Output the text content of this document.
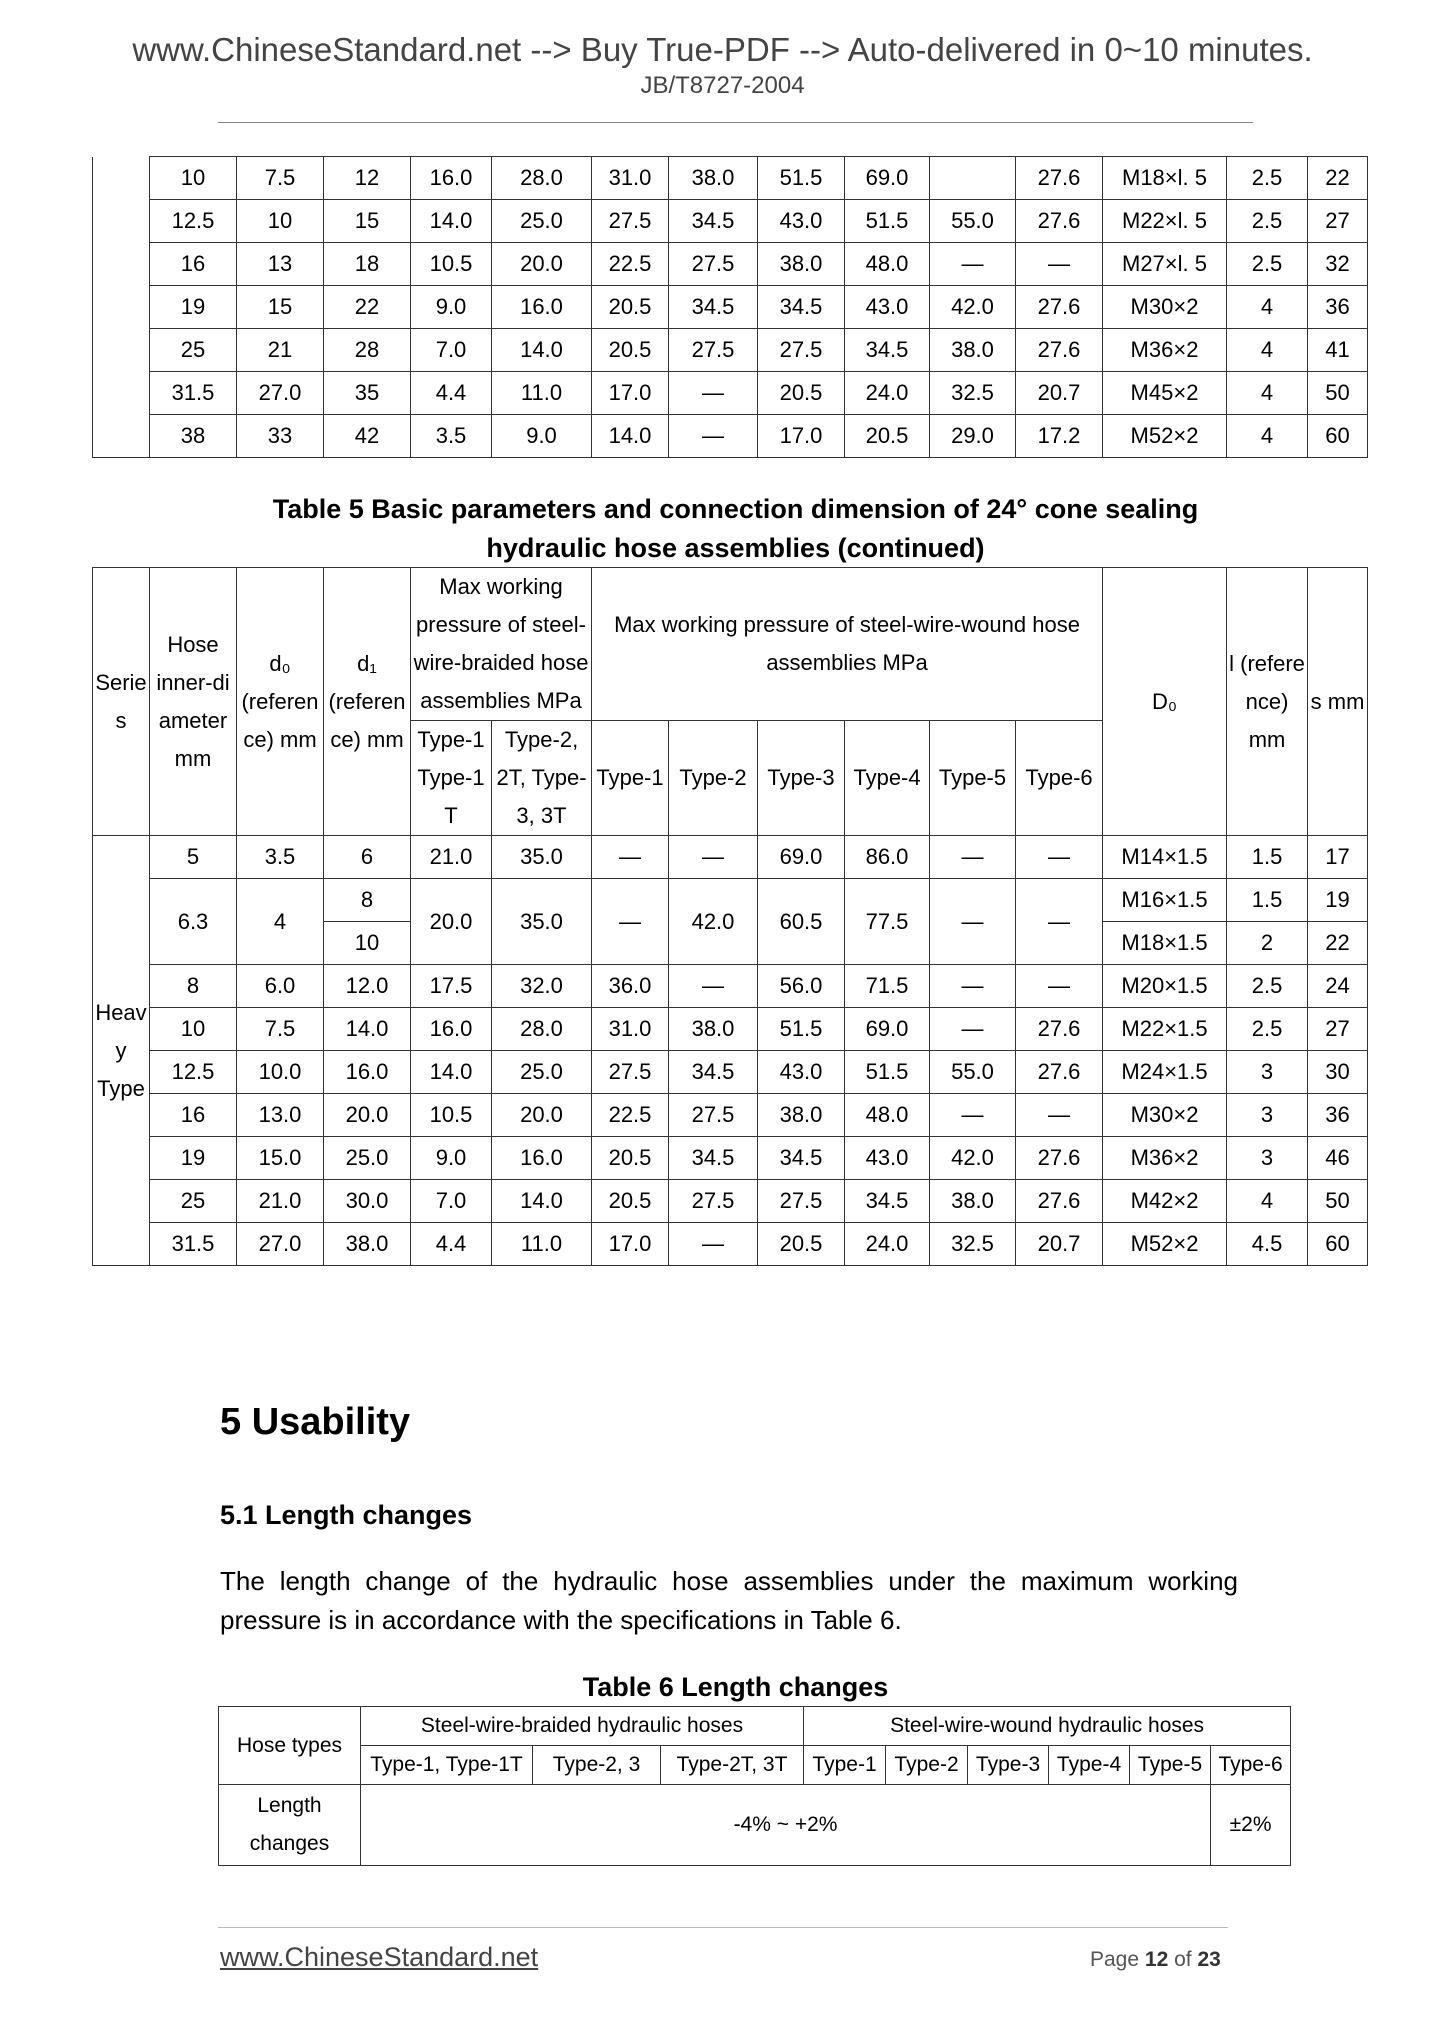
www.ChineseStandard.net --> Buy True-PDF --> Auto-delivered in 0~10 minutes.
JB/T8727-2004
	10	7.5	12	16.0	28.0	31.0	38.0	51.5	69.0		27.6	M18×l. 5	2.5	22
	12.5	10	15	14.0	25.0	27.5	34.5	43.0	51.5	55.0	27.6	M22×l. 5	2.5	27
	16	13	18	10.5	20.0	22.5	27.5	38.0	48.0	—	—	M27×l. 5	2.5	32
	19	15	22	9.0	16.0	20.5	34.5	34.5	43.0	42.0	27.6	M30×2	4	36
	25	21	28	7.0	14.0	20.5	27.5	27.5	34.5	38.0	27.6	M36×2	4	41
	31.5	27.0	35	4.4	11.0	17.0	—	20.5	24.0	32.5	20.7	M45×2	4	50
	38	33	42	3.5	9.0	14.0	—	17.0	20.5	29.0	17.2	M52×2	4	60
Table 5 Basic parameters and connection dimension of 24° cone sealing
hydraulic hose assemblies (continued)
Serie s	Hose inner-di ameter mm	d₀ (referen ce) mm	d₁ (referen ce) mm	Max working pressure of steel-wire-braided hose assemblies MPa		Max working pressure of steel-wire-wound hose assemblies MPa						D₀	l (refere nce) mm	s mm
				Type-1 Type-1 T	Type-2, 2T, Type-3, 3T	Type-1	Type-2	Type-3	Type-4	Type-5	Type-6			
Heav y Type	5	3.5	6	21.0	35.0	—	—	69.0	86.0	—	—	M14×1.5	1.5	17
	6.3	4	8	20.0	35.0	—	42.0	60.5	77.5	—	—	M16×1.5	1.5	19
			10									M18×1.5	2	22
	8	6.0	12.0	17.5	32.0	36.0	—	56.0	71.5	—	—	M20×1.5	2.5	24
	10	7.5	14.0	16.0	28.0	31.0	38.0	51.5	69.0	—	27.6	M22×1.5	2.5	27
	12.5	10.0	16.0	14.0	25.0	27.5	34.5	43.0	51.5	55.0	27.6	M24×1.5	3	30
	16	13.0	20.0	10.5	20.0	22.5	27.5	38.0	48.0	—	—	M30×2	3	36
	19	15.0	25.0	9.0	16.0	20.5	34.5	34.5	43.0	42.0	27.6	M36×2	3	46
	25	21.0	30.0	7.0	14.0	20.5	27.5	27.5	34.5	38.0	27.6	M42×2	4	50
	31.5	27.0	38.0	4.4	11.0	17.0	—	20.5	24.0	32.5	20.7	M52×2	4.5	60
5 Usability
5.1 Length changes
The length change of the hydraulic hose assemblies under the maximum working pressure is in accordance with the specifications in Table 6.
Table 6 Length changes
Hose types	Steel-wire-braided hydraulic hoses			Steel-wire-wound hydraulic hoses					
	Type-1, Type-1T	Type-2, 3	Type-2T, 3T	Type-1	Type-2	Type-3	Type-4	Type-5	Type-6
Length changes	-4% ~ +2%								±2%
www.ChineseStandard.net	Page 12 of 23
